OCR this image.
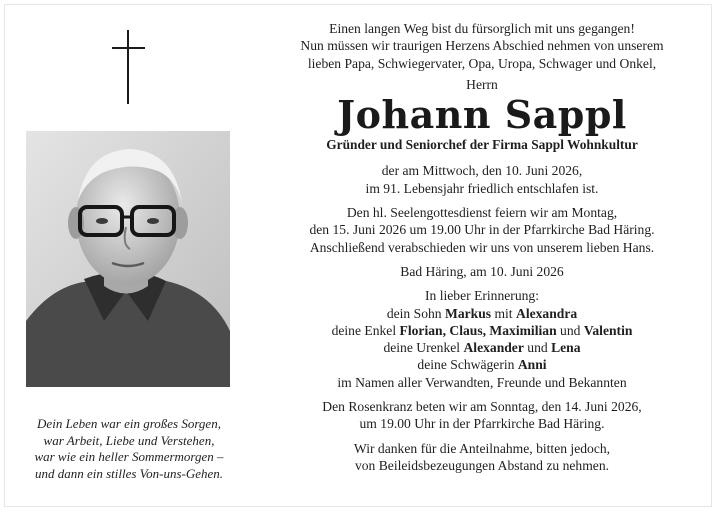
Dein Leben war ein großes Sorgen,
war Arbeit, Liebe und Verstehen,
war wie ein heller Sommermorgen –
und dann ein stilles Von-uns-Gehen.
Einen langen Weg bist du fürsorglich mit uns gegangen!
Nun müssen wir traurigen Herzens Abschied nehmen von unserem
lieben Papa, Schwiegervater, Opa, Uropa, Schwager und Onkel,
Herrn
Johann Sappl
Gründer und Seniorchef der Firma Sappl Wohnkultur
der am Mittwoch, den 10. Juni 2026,
im 91. Lebensjahr friedlich entschlafen ist.
Den hl. Seelengottesdienst feiern wir am Montag,
den 15. Juni 2026 um 19.00 Uhr in der Pfarrkirche Bad Häring.
Anschließend verabschieden wir uns von unserem lieben Hans.
Bad Häring, am 10. Juni 2026
In lieber Erinnerung:
dein Sohn Markus mit Alexandra
deine Enkel Florian, Claus, Maximilian und Valentin
deine Urenkel Alexander und Lena
deine Schwägerin Anni
im Namen aller Verwandten, Freunde und Bekannten
Den Rosenkranz beten wir am Sonntag, den 14. Juni 2026,
um 19.00 Uhr in der Pfarrkirche Bad Häring.
Wir danken für die Anteilnahme, bitten jedoch,
von Beileidsbezeugungen Abstand zu nehmen.
